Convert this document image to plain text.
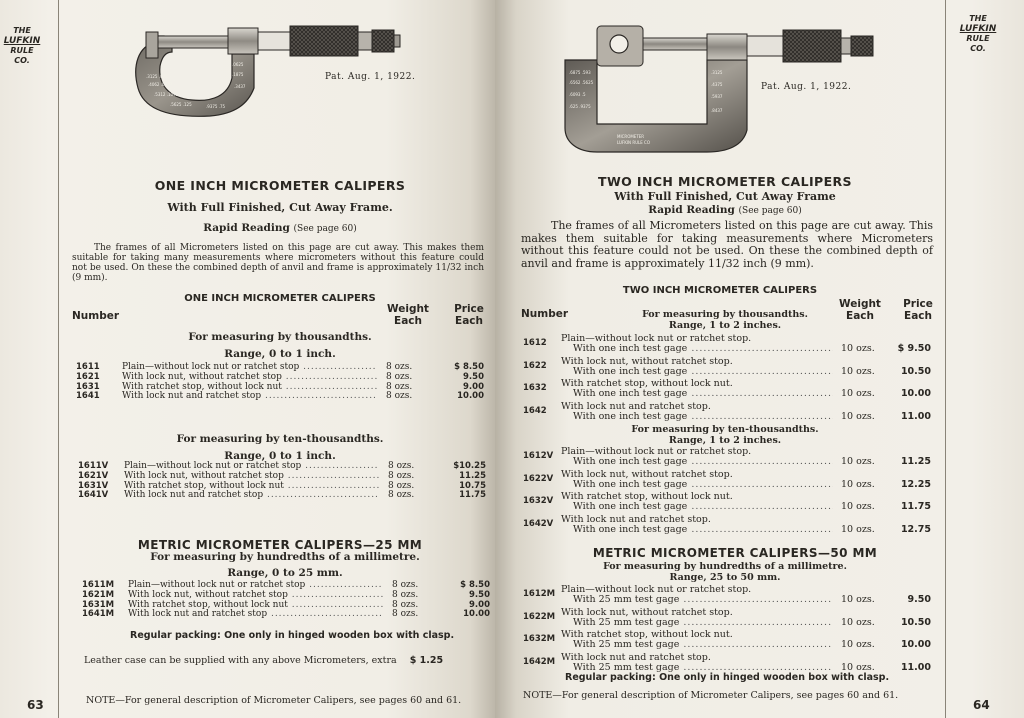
THE
LUFKIN
RULE
CO.
.3125 .078
.4062 .0937
.5312 .1093
.5625 .125
.0625
.1875
.3437
.9375 .75
Pat. Aug. 1, 1922.
ONE INCH MICROMETER CALIPERS
With Full Finished, Cut Away Frame.
Rapid Reading (See page 60)
The frames of all Micrometers listed on this page are cut away. This makes them suitable for taking many measurements where micrometers without this feature could not be used. On these the combined depth of anvil and frame is approximately 11/32 inch (9 mm).
ONE INCH MICROMETER CALIPERS
Number
Weight Each
Price Each
For measuring by thousandths.
Range, 0 to 1 inch.
1611 Plain—without lock nut or ratchet stop .....	8 ozs.	$ 8.50
1621 With lock nut, without ratchet stop .....	8 ozs.	9.50
1631 With ratchet stop, without lock nut .....	8 ozs.	9.00
1641 With lock nut and ratchet stop .....	8 ozs.	10.00
For measuring by ten-thousandths.
Range, 0 to 1 inch.
1611V Plain—without lock nut or ratchet stop .....	8 ozs.	$10.25
1621V With lock nut, without ratchet stop .....	8 ozs.	11.25
1631V With ratchet stop, without lock nut .....	8 ozs.	10.75
1641V With lock nut and ratchet stop .....	8 ozs.	11.75
METRIC MICROMETER CALIPERS—25 MM
For measuring by hundredths of a millimetre.
Range, 0 to 25 mm.
1611M Plain—without lock nut or ratchet stop .....	8 ozs.	$ 8.50
1621M With lock nut, without ratchet stop .....	8 ozs.	9.50
1631M With ratchet stop, without lock nut .....	8 ozs.	9.00
1641M With lock nut and ratchet stop .....	8 ozs.	10.00
Regular packing: One only in hinged wooden box with clasp.
Leather case can be supplied with any above Micrometers, extra $ 1.25
NOTE—For general description of Micrometer Calipers, see pages 60 and 61.
63
THE
LUFKIN
RULE
CO.
.6875 .593
.6562 .5625
.6093 .5
.625 .9375
MICROMETER
LUFKIN RULE CO
.3125
.4375
.5937
.8437
Pat. Aug. 1, 1922.
TWO INCH MICROMETER CALIPERS
With Full Finished, Cut Away Frame
Rapid Reading (See page 60)
The frames of all Micrometers listed on this page are cut away. This makes them suitable for taking measurements where Micrometers without this feature could not be used. On these the combined depth of anvil and frame is approximately 11/32 inch (9 mm).
TWO INCH MICROMETER CALIPERS
Number
Weight Each
Price Each
For measuring by thousandths.
Range, 1 to 2 inches.
1612 Plain—without lock nut or ratchet stop.
With one inch test gage .....	10 ozs.	$ 9.50
1622 With lock nut, without ratchet stop.
With one inch test gage .....	10 ozs.	10.50
1632 With ratchet stop, without lock nut.
With one inch test gage .....	10 ozs.	10.00
1642 With lock nut and ratchet stop.
With one inch test gage .....	10 ozs.	11.00
For measuring by ten-thousandths.
Range, 1 to 2 inches.
1612V Plain—without lock nut or ratchet stop.
With one inch test gage .....	10 ozs.	11.25
1622V With lock nut, without ratchet stop.
With one inch test gage .....	10 ozs.	12.25
1632V With ratchet stop, without lock nut.
With one inch test gage .....	10 ozs.	11.75
1642V With lock nut and ratchet stop.
With one inch test gage .....	10 ozs.	12.75
METRIC MICROMETER CALIPERS—50 MM
For measuring by hundredths of a millimetre.
Range, 25 to 50 mm.
1612M Plain—without lock nut or ratchet stop.
With 25 mm test gage .....	10 ozs.	9.50
1622M With lock nut, without ratchet stop.
With 25 mm test gage .....	10 ozs.	10.50
1632M With ratchet stop, without lock nut.
With 25 mm test gage .....	10 ozs.	10.00
1642M With lock nut and ratchet stop.
With 25 mm test gage .....	10 ozs.	11.00
Regular packing: One only in hinged wooden box with clasp.
NOTE—For general description of Micrometer Calipers, see pages 60 and 61.
64
